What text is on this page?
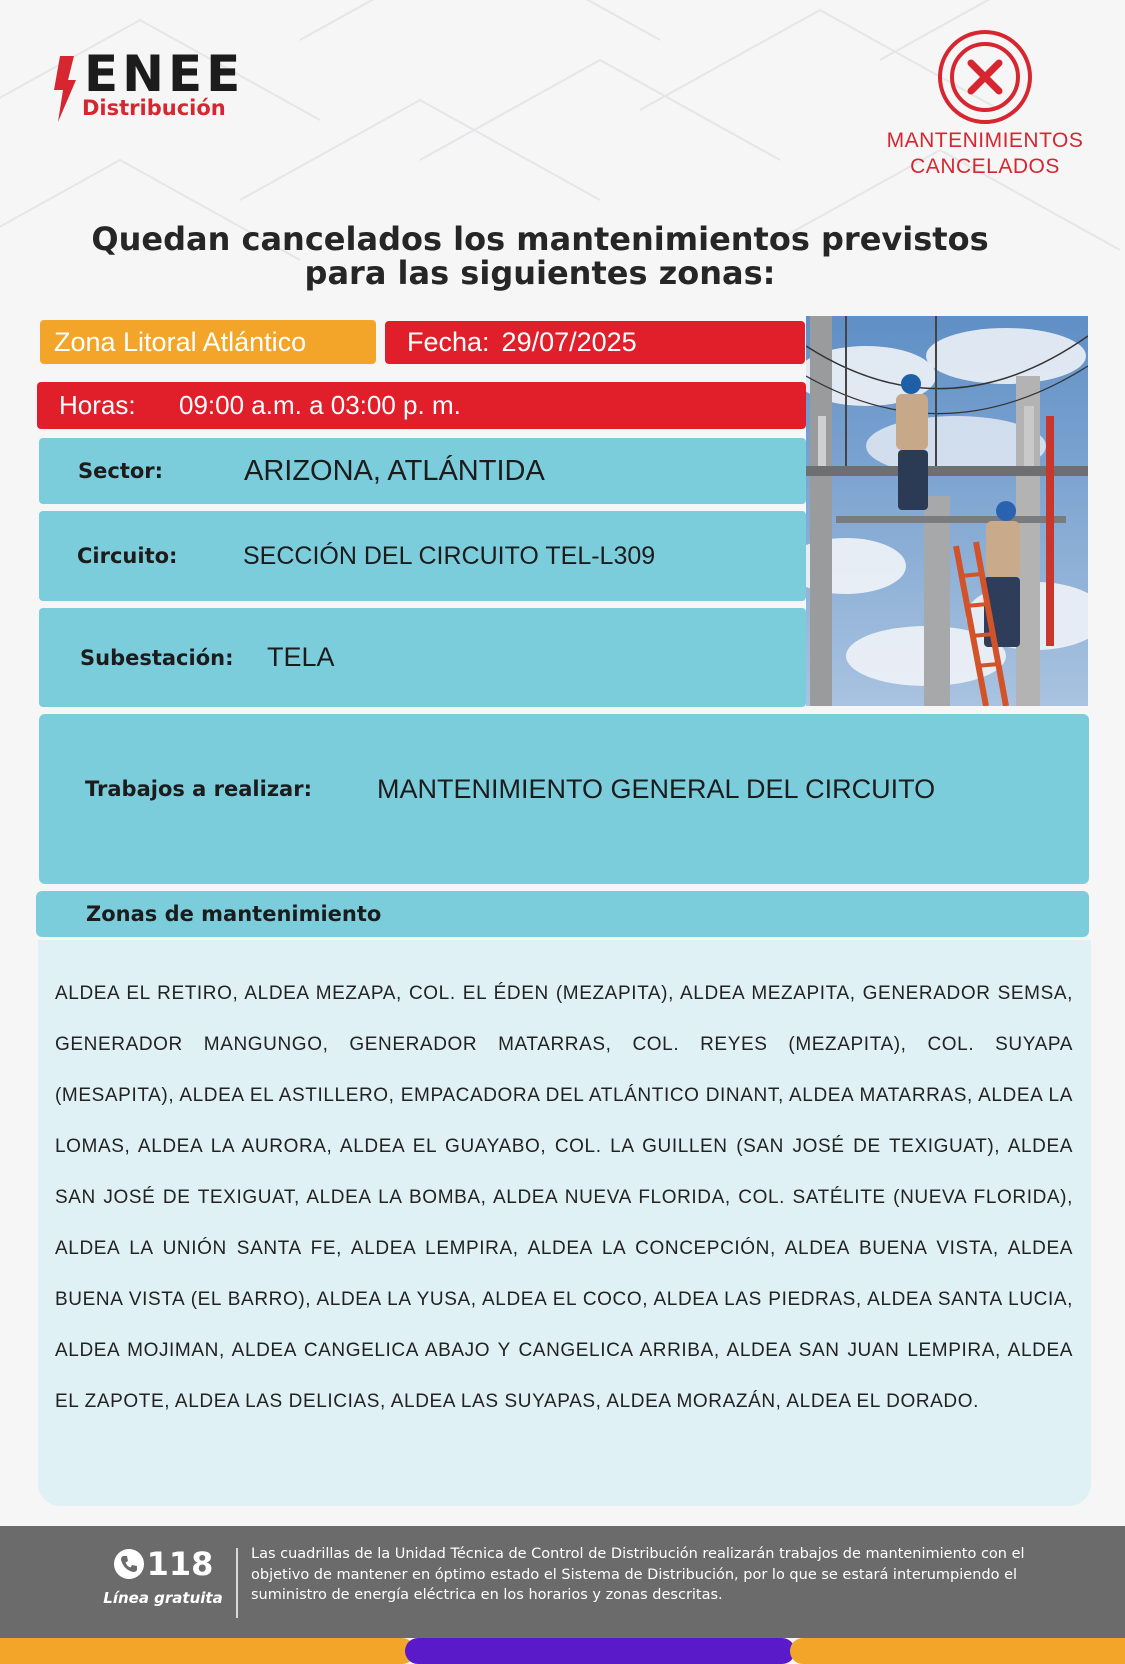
ENEE
Distribución
MANTENIMIENTOS
CANCELADOS
Quedan cancelados los mantenimientos previstos
para las siguientes zonas:
Zona Litoral Atlántico	Fecha: 29/07/2025
Horas:	09:00 a.m. a 03:00 p. m.
Sector:	ARIZONA, ATLÁNTIDA
Circuito:	SECCIÓN DEL CIRCUITO TEL-L309
Subestación:	TELA
Trabajos a realizar:	MANTENIMIENTO GENERAL DEL CIRCUITO
Zonas de mantenimiento

ALDEA EL RETIRO, ALDEA MEZAPA, COL. EL ÉDEN (MEZAPITA), ALDEA MEZAPITA, GENERADOR SEMSA, GENERADOR MANGUNGO, GENERADOR MATARRAS, COL. REYES (MEZAPITA), COL. SUYAPA (MESAPITA), ALDEA EL ASTILLERO, EMPACADORA DEL ATLÁNTICO DINANT, ALDEA MATARRAS, ALDEA LA LOMAS, ALDEA LA AURORA, ALDEA EL GUAYABO, COL. LA GUILLEN (SAN JOSÉ DE TEXIGUAT), ALDEA SAN JOSÉ DE TEXIGUAT, ALDEA LA BOMBA, ALDEA NUEVA FLORIDA, COL. SATÉLITE (NUEVA FLORIDA), ALDEA LA UNIÓN SANTA FE, ALDEA LEMPIRA, ALDEA LA CONCEPCIÓN, ALDEA BUENA VISTA, ALDEA BUENA VISTA (EL BARRO), ALDEA LA YUSA, ALDEA EL COCO, ALDEA LAS PIEDRAS, ALDEA SANTA LUCIA, ALDEA MOJIMAN, ALDEA CANGELICA ABAJO Y CANGELICA ARRIBA, ALDEA SAN JUAN LEMPIRA, ALDEA EL ZAPOTE, ALDEA LAS DELICIAS, ALDEA LAS SUYAPAS, ALDEA MORAZÁN, ALDEA EL DORADO.

118
Línea gratuita
Las cuadrillas de la Unidad Técnica de Control de Distribución realizarán trabajos de mantenimiento con el objetivo de mantener en óptimo estado el Sistema de Distribución, por lo que se estará interumpiendo el suministro de energía eléctrica en los horarios y zonas descritas.
